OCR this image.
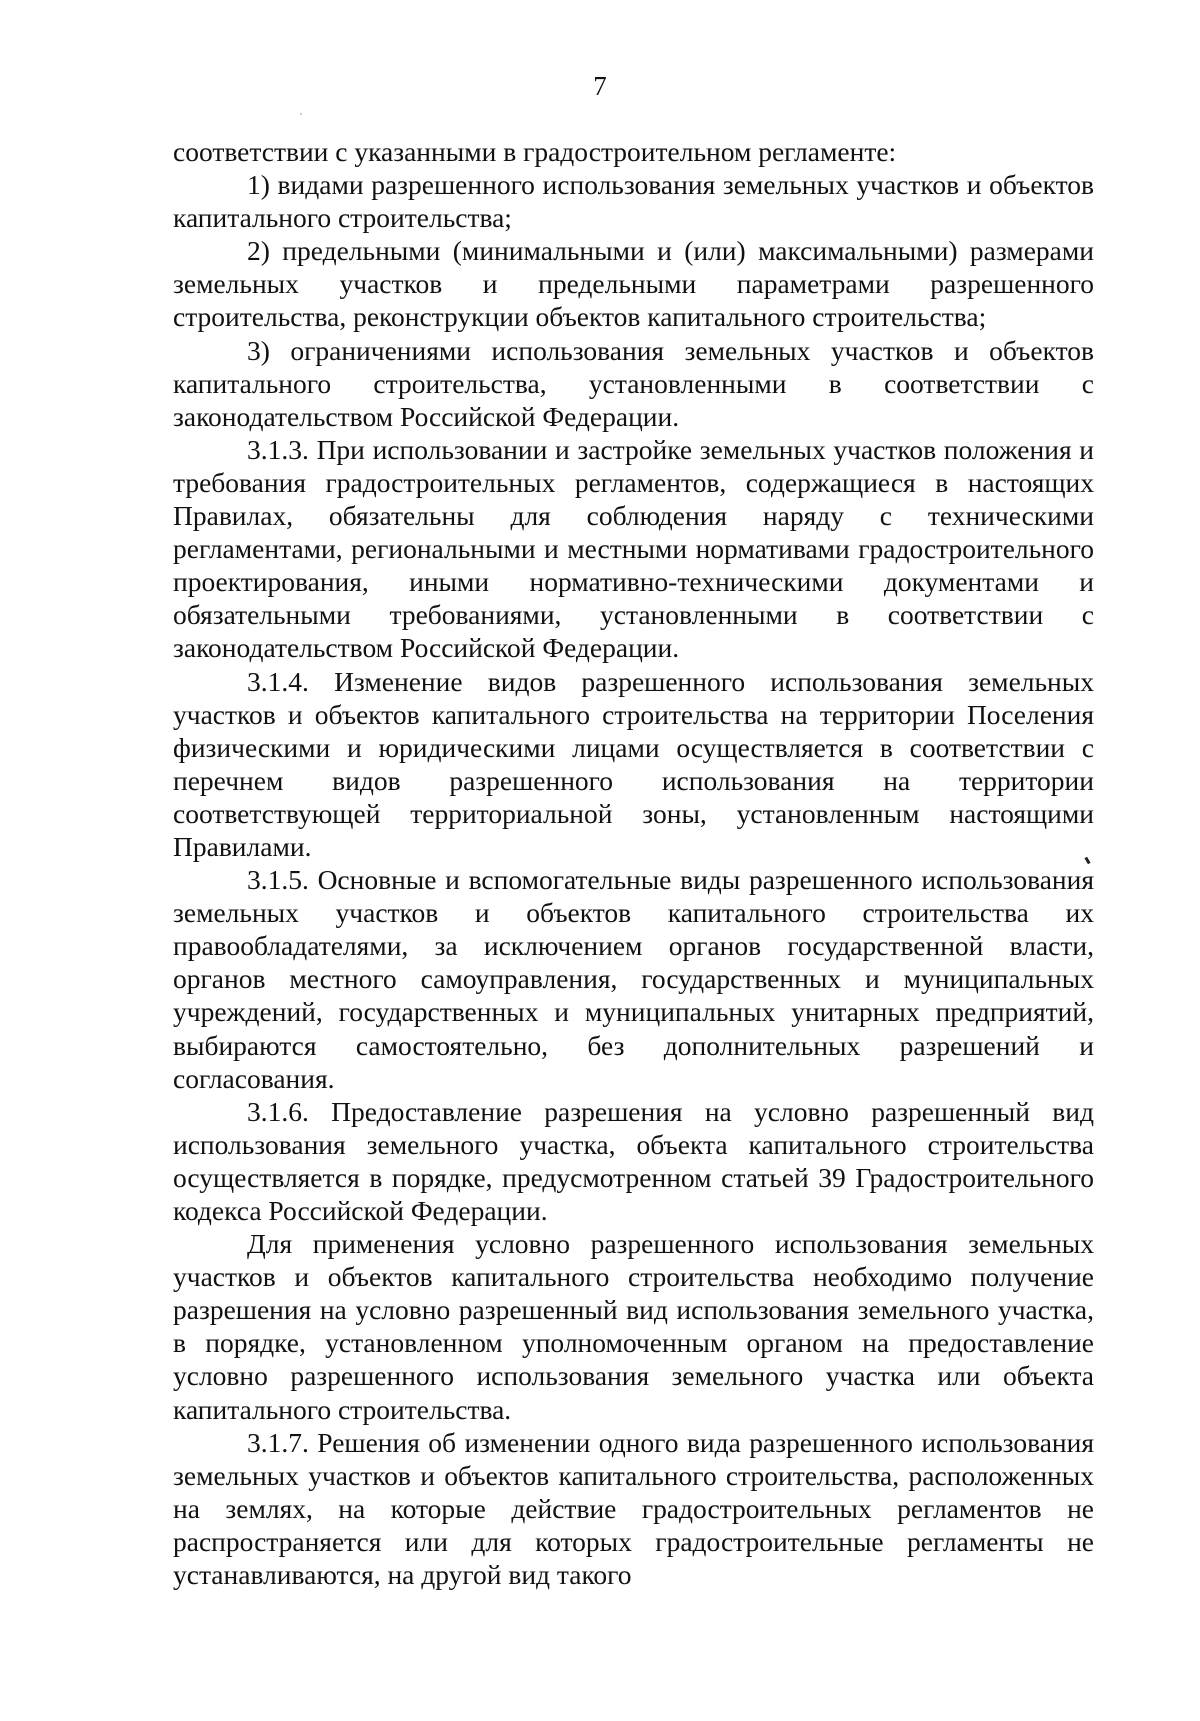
7

соответствии с указанными в градостроительном регламенте:

1) видами разрешенного использования земельных участков и объектов капитального строительства;

2) предельными (минимальными и (или) максимальными) размерами земельных участков и предельными параметрами разрешенного строительства, реконструкции объектов капитального строительства;

3) ограничениями использования земельных участков и объектов капитального строительства, установленными в соответствии с законодательством Российской Федерации.

3.1.3. При использовании и застройке земельных участков положения и требования градостроительных регламентов, содержащиеся в настоящих Правилах, обязательны для соблюдения наряду с техническими регламентами, региональными и местными нормативами градостроительного проектирования, иными нормативно-техническими документами и обязательными требованиями, установленными в соответствии с законодательством Российской Федерации.

3.1.4. Изменение видов разрешенного использования земельных участков и объектов капитального строительства на территории Поселения физическими и юридическими лицами осуществляется в соответствии с перечнем видов разрешенного использования на территории соответствующей территориальной зоны, установленным настоящими Правилами.

3.1.5. Основные и вспомогательные виды разрешенного использования земельных участков и объектов капитального строительства их правообладателями, за исключением органов государственной власти, органов местного самоуправления, государственных и муниципальных учреждений, государственных и муниципальных унитарных предприятий, выбираются самостоятельно, без дополнительных разрешений и согласования.

3.1.6. Предоставление разрешения на условно разрешенный вид использования земельного участка, объекта капитального строительства осуществляется в порядке, предусмотренном статьей 39 Градостроительного кодекса Российской Федерации.

Для применения условно разрешенного использования земельных участков и объектов капитального строительства необходимо получение разрешения на условно разрешенный вид использования земельного участка, в порядке, установленном уполномоченным органом на предоставление условно разрешенного использования земельного участка или объекта капитального строительства.

3.1.7. Решения об изменении одного вида разрешенного использования земельных участков и объектов капитального строительства, расположенных на землях, на которые действие градостроительных регламентов не распространяется или для которых градостроительные регламенты не устанавливаются, на другой вид такого
